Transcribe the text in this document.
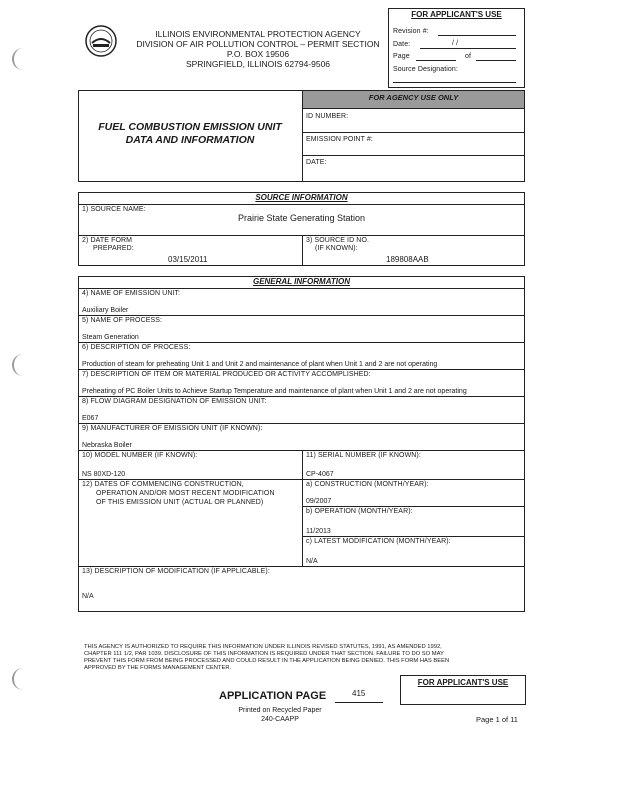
ILLINOIS ENVIRONMENTAL PROTECTION AGENCY
DIVISION OF AIR POLLUTION CONTROL – PERMIT SECTION
P.O. BOX 19506
SPRINGFIELD, ILLINOIS 62794-9506
FOR APPLICANT'S USE
Revision #:
Date:	/ /
Page	of
Source Designation:
FOR AGENCY USE ONLY
ID NUMBER:
EMISSION POINT #:
DATE:
FUEL COMBUSTION EMISSION UNIT
DATA AND INFORMATION
SOURCE INFORMATION
1) SOURCE NAME:
Prairie State Generating Station
2) DATE FORM
PREPARED:
03/15/2011
3) SOURCE ID NO.
(IF KNOWN):
189808AAB
GENERAL INFORMATION
4) NAME OF EMISSION UNIT:
Auxiliary Boiler
5) NAME OF PROCESS:
Steam Generation
6) DESCRIPTION OF PROCESS:
Production of steam for preheating Unit 1 and Unit 2 and maintenance of plant when Unit 1 and 2 are not operating
7) DESCRIPTION OF ITEM OR MATERIAL PRODUCED OR ACTIVITY ACCOMPLISHED:
Preheating of PC Boiler Units to Achieve Startup Temperature and maintenance of plant when Unit 1 and 2 are not operating
8) FLOW DIAGRAM DESIGNATION OF EMISSION UNIT:
E067
9) MANUFACTURER OF EMISSION UNIT (IF KNOWN):
Nebraska Boiler
10) MODEL NUMBER (IF KNOWN):
NS 80XD-120
11) SERIAL NUMBER (IF KNOWN):
CP-4067
12) DATES OF COMMENCING CONSTRUCTION,
OPERATION AND/OR MOST RECENT MODIFICATION
OF THIS EMISSION UNIT (ACTUAL OR PLANNED)
a) CONSTRUCTION (MONTH/YEAR):
09/2007
b) OPERATION (MONTH/YEAR):
11/2013
c) LATEST MODIFICATION (MONTH/YEAR):
N/A
13) DESCRIPTION OF MODIFICATION (IF APPLICABLE):
N/A
THIS AGENCY IS AUTHORIZED TO REQUIRE THIS INFORMATION UNDER ILLINOIS REVISED STATUTES, 1991, AS AMENDED 1992,
CHAPTER 111 1/2, PAR 1039. DISCLOSURE OF THIS INFORMATION IS REQUIRED UNDER THAT SECTION. FAILURE TO DO SO MAY
PREVENT THIS FORM FROM BEING PROCESSED AND COULD RESULT IN THE APPLICATION BEING DENIED. THIS FORM HAS BEEN
APPROVED BY THE FORMS MANAGEMENT CENTER.
FOR APPLICANT'S USE
APPLICATION PAGE	415
Printed on Recycled Paper
240-CAAPP	Page 1 of 11
